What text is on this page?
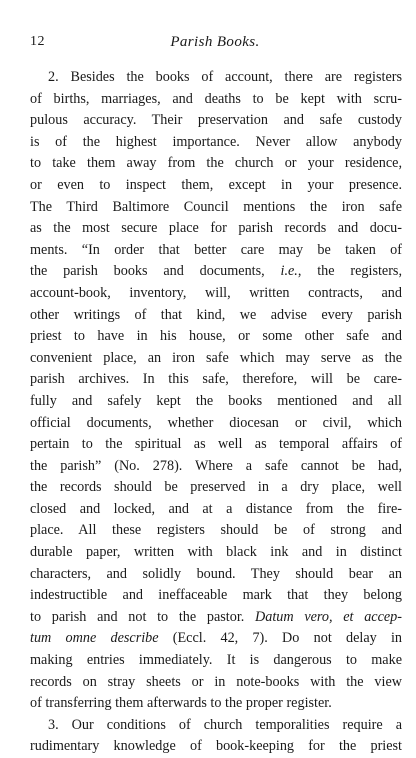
12	Parish Books.
2. Besides the books of account, there are registers
of births, marriages, and deaths to be kept with scru-
pulous accuracy. Their preservation and safe custody
is of the highest importance. Never allow anybody
to take them away from the church or your residence,
or even to inspect them, except in your presence.
The Third Baltimore Council mentions the iron safe
as the most secure place for parish records and docu-
ments. “In order that better care may be taken of
the parish books and documents, i.e., the registers,
account-book, inventory, will, written contracts, and
other writings of that kind, we advise every parish
priest to have in his house, or some other safe and
convenient place, an iron safe which may serve as the
parish archives. In this safe, therefore, will be care-
fully and safely kept the books mentioned and all
official documents, whether diocesan or civil, which
pertain to the spiritual as well as temporal affairs of
the parish” (No. 278). Where a safe cannot be had,
the records should be preserved in a dry place, well
closed and locked, and at a distance from the fire-
place. All these registers should be of strong and
durable paper, written with black ink and in distinct
characters, and solidly bound. They should bear an
indestructible and ineffaceable mark that they belong
to parish and not to the pastor. Datum vero, et accep-
tum omne describe (Eccl. 42, 7). Do not delay in
making entries immediately. It is dangerous to make
records on stray sheets or in note-books with the view
of transferring them afterwards to the proper register.
3. Our conditions of church temporalities require a
rudimentary knowledge of book-keeping for the priest
